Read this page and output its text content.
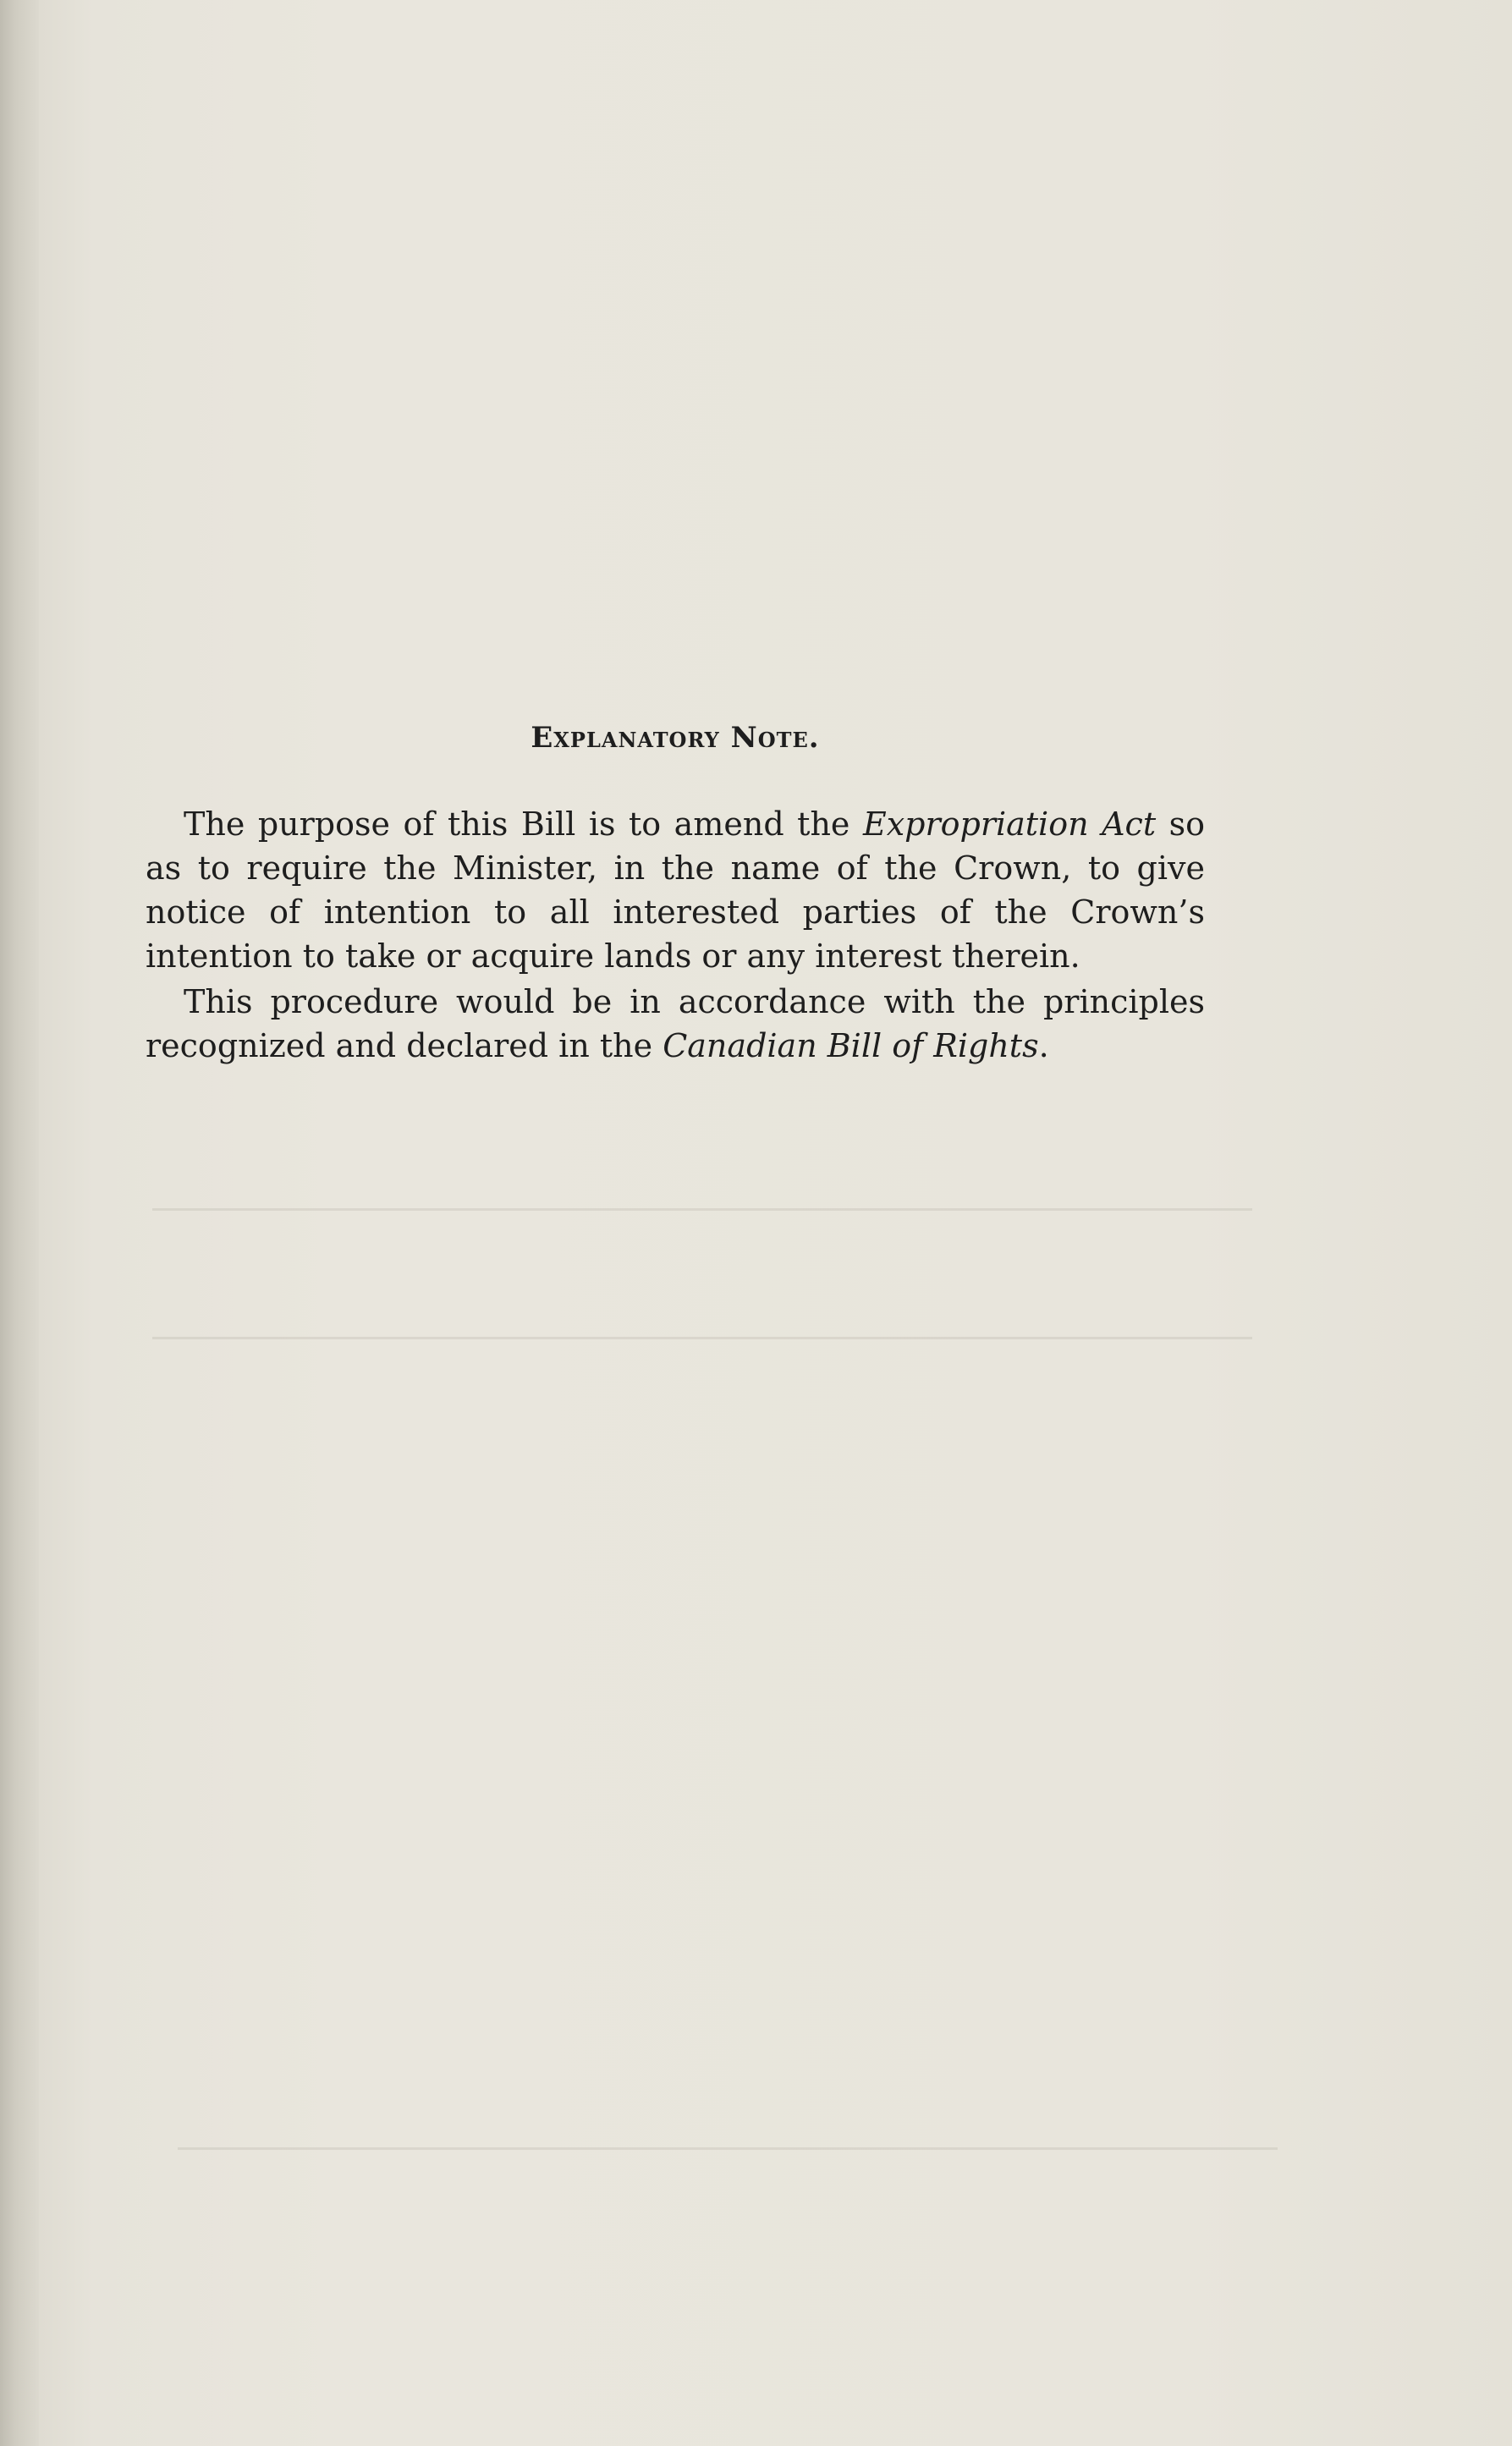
Explanatory Note.

The purpose of this Bill is to amend the Expropriation Act so as to require the Minister, in the name of the Crown, to give notice of intention to all interested parties of the Crown’s intention to take or acquire lands or any interest therein.

This procedure would be in accordance with the principles recognized and declared in the Canadian Bill of Rights.
